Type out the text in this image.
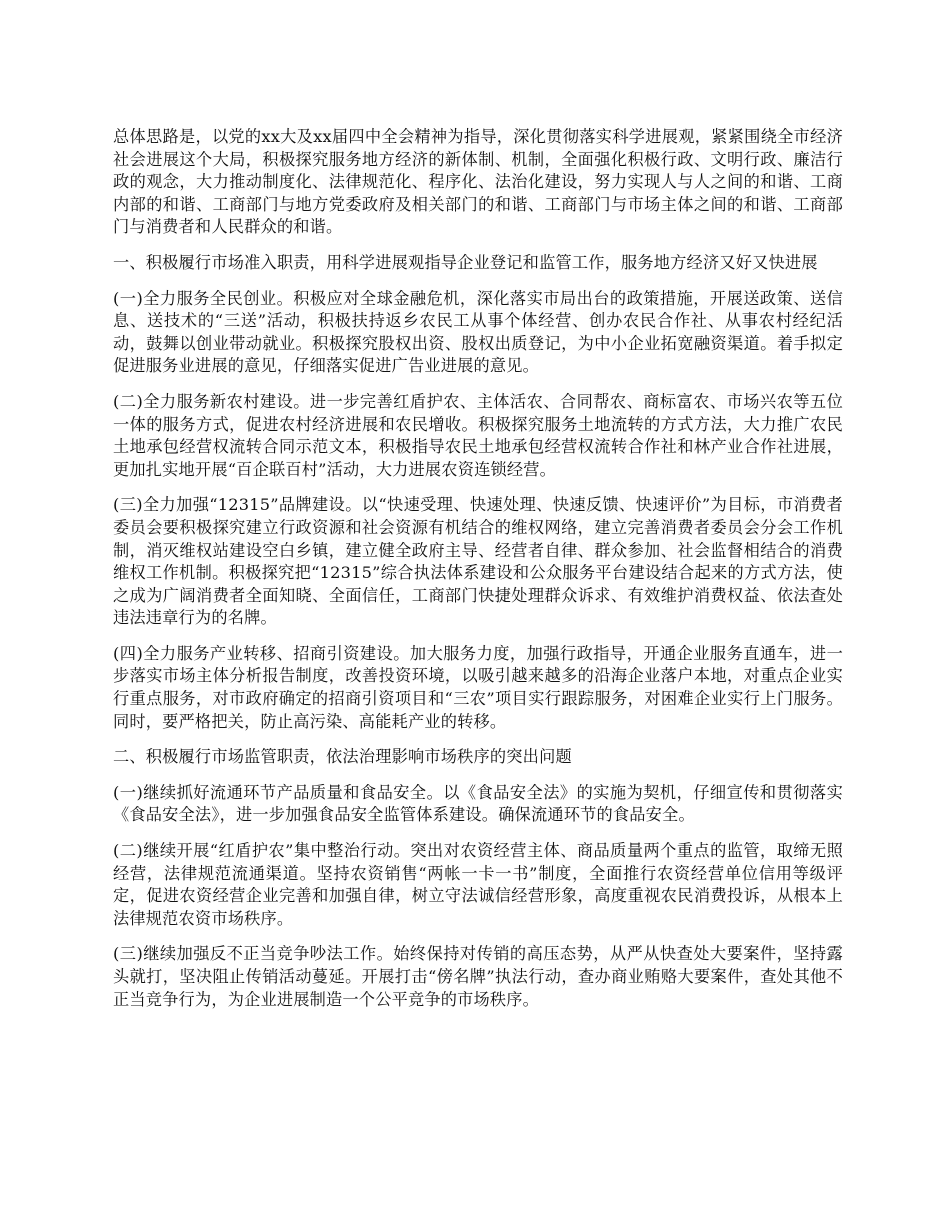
总体思路是，以党的xx大及xx届四中全会精神为指导，深化贯彻落实科学进展观，紧紧围绕全市经济社会进展这个大局，积极探究服务地方经济的新体制、机制，全面强化积极行政、文明行政、廉洁行政的观念，大力推动制度化、法律规范化、程序化、法治化建设，努力实现人与人之间的和谐、工商内部的和谐、工商部门与地方党委政府及相关部门的和谐、工商部门与市场主体之间的和谐、工商部门与消费者和人民群众的和谐。

一、积极履行市场准入职责，用科学进展观指导企业登记和监管工作，服务地方经济又好又快进展

(一)全力服务全民创业。积极应对全球金融危机，深化落实市局出台的政策措施，开展送政策、送信息、送技术的“三送”活动，积极扶持返乡农民工从事个体经营、创办农民合作社、从事农村经纪活动，鼓舞以创业带动就业。积极探究股权出资、股权出质登记，为中小企业拓宽融资渠道。着手拟定促进服务业进展的意见，仔细落实促进广告业进展的意见。

(二)全力服务新农村建设。进一步完善红盾护农、主体活农、合同帮农、商标富农、市场兴农等五位一体的服务方式，促进农村经济进展和农民增收。积极探究服务土地流转的方式方法，大力推广农民土地承包经营权流转合同示范文本，积极指导农民土地承包经营权流转合作社和林产业合作社进展，更加扎实地开展“百企联百村”活动，大力进展农资连锁经营。

(三)全力加强“12315”品牌建设。以“快速受理、快速处理、快速反馈、快速评价”为目标，市消费者委员会要积极探究建立行政资源和社会资源有机结合的维权网络，建立完善消费者委员会分会工作机制，消灭维权站建设空白乡镇，建立健全政府主导、经营者自律、群众参加、社会监督相结合的消费维权工作机制。积极探究把“12315”综合执法体系建设和公众服务平台建设结合起来的方式方法，使之成为广阔消费者全面知晓、全面信任，工商部门快捷处理群众诉求、有效维护消费权益、依法查处违法违章行为的名牌。

(四)全力服务产业转移、招商引资建设。加大服务力度，加强行政指导，开通企业服务直通车，进一步落实市场主体分析报告制度，改善投资环境，以吸引越来越多的沿海企业落户本地，对重点企业实行重点服务，对市政府确定的招商引资项目和“三农”项目实行跟踪服务，对困难企业实行上门服务。同时，要严格把关，防止高污染、高能耗产业的转移。

二、积极履行市场监管职责，依法治理影响市场秩序的突出问题

(一)继续抓好流通环节产品质量和食品安全。以《食品安全法》的实施为契机，仔细宣传和贯彻落实《食品安全法》，进一步加强食品安全监管体系建设。确保流通环节的食品安全。

(二)继续开展“红盾护农”集中整治行动。突出对农资经营主体、商品质量两个重点的监管，取缔无照经营，法律规范流通渠道。坚持农资销售“两帐一卡一书”制度，全面推行农资经营单位信用等级评定，促进农资经营企业完善和加强自律，树立守法诚信经营形象，高度重视农民消费投诉，从根本上法律规范农资市场秩序。

(三)继续加强反不正当竞争吵法工作。始终保持对传销的高压态势，从严从快查处大要案件，坚持露头就打，坚决阻止传销活动蔓延。开展打击“傍名牌”执法行动，查办商业贿赂大要案件，查处其他不正当竞争行为，为企业进展制造一个公平竞争的市场秩序。
